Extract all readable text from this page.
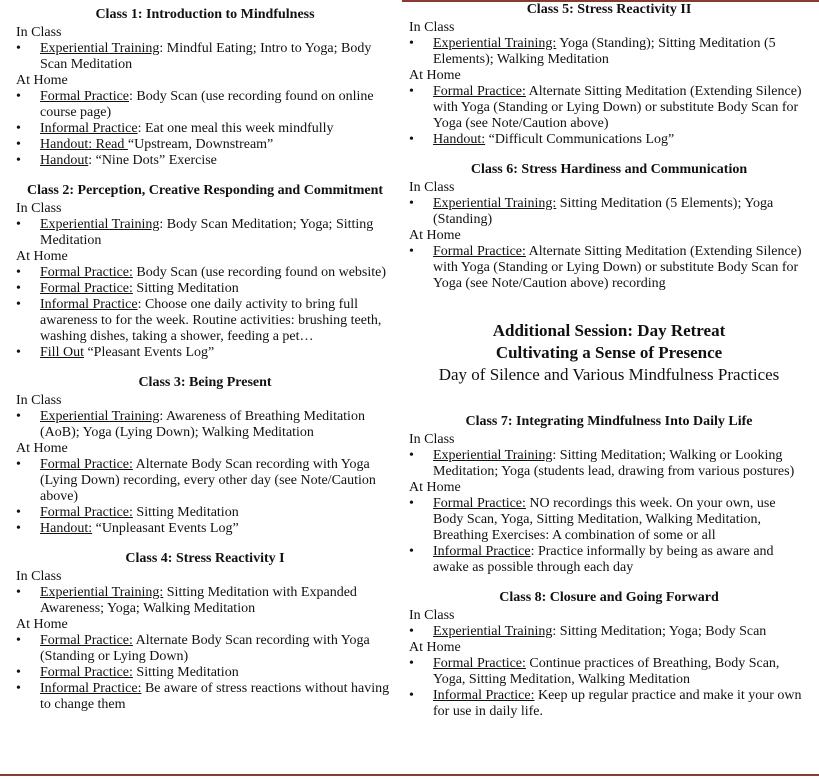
Class 1: Introduction to Mindfulness
In Class
• Experiential Training: Mindful Eating; Intro to Yoga; Body Scan Meditation
At Home
• Formal Practice: Body Scan (use recording found on online course page)
• Informal Practice: Eat one meal this week mindfully
• Handout: Read “Upstream, Downstream”
• Handout: “Nine Dots” Exercise
Class 2: Perception, Creative Responding and Commitment
In Class
• Experiential Training: Body Scan Meditation; Yoga; Sitting Meditation
At Home
• Formal Practice: Body Scan (use recording found on website)
• Formal Practice: Sitting Meditation
• Informal Practice: Choose one daily activity to bring full awareness to for the week. Routine activities: brushing teeth, washing dishes, taking a shower, feeding a pet…
• Fill Out “Pleasant Events Log”
Class 3: Being Present
In Class
• Experiential Training: Awareness of Breathing Meditation (AoB); Yoga (Lying Down); Walking Meditation
At Home
• Formal Practice: Alternate Body Scan recording with Yoga (Lying Down) recording, every other day (see Note/Caution above)
• Formal Practice: Sitting Meditation
• Handout: “Unpleasant Events Log”
Class 4: Stress Reactivity I
In Class
• Experiential Training: Sitting Meditation with Expanded Awareness; Yoga; Walking Meditation
At Home
• Formal Practice: Alternate Body Scan recording with Yoga (Standing or Lying Down)
• Formal Practice: Sitting Meditation
• Informal Practice: Be aware of stress reactions without having to change them
Class 5: Stress Reactivity II
In Class
• Experiential Training: Yoga (Standing); Sitting Meditation (5 Elements); Walking Meditation
At Home
• Formal Practice: Alternate Sitting Meditation (Extending Silence) with Yoga (Standing or Lying Down) or substitute Body Scan for Yoga (see Note/Caution above)
• Handout: “Difficult Communications Log”
Class 6: Stress Hardiness and Communication
In Class
• Experiential Training: Sitting Meditation (5 Elements); Yoga (Standing)
At Home
• Formal Practice: Alternate Sitting Meditation (Extending Silence) with Yoga (Standing or Lying Down) or substitute Body Scan for Yoga (see Note/Caution above) recording
Additional Session: Day Retreat
Cultivating a Sense of Presence
Day of Silence and Various Mindfulness Practices
Class 7: Integrating Mindfulness Into Daily Life
In Class
• Experiential Training: Sitting Meditation; Walking or Looking Meditation; Yoga (students lead, drawing from various postures)
At Home
• Formal Practice: NO recordings this week. On your own, use Body Scan, Yoga, Sitting Meditation, Walking Meditation, Breathing Exercises: A combination of some or all
• Informal Practice: Practice informally by being as aware and awake as possible through each day
Class 8: Closure and Going Forward
In Class
• Experiential Training: Sitting Meditation; Yoga; Body Scan
At Home
• Formal Practice: Continue practices of Breathing, Body Scan, Yoga, Sitting Meditation, Walking Meditation
• Informal Practice: Keep up regular practice and make it your own for use in daily life.
